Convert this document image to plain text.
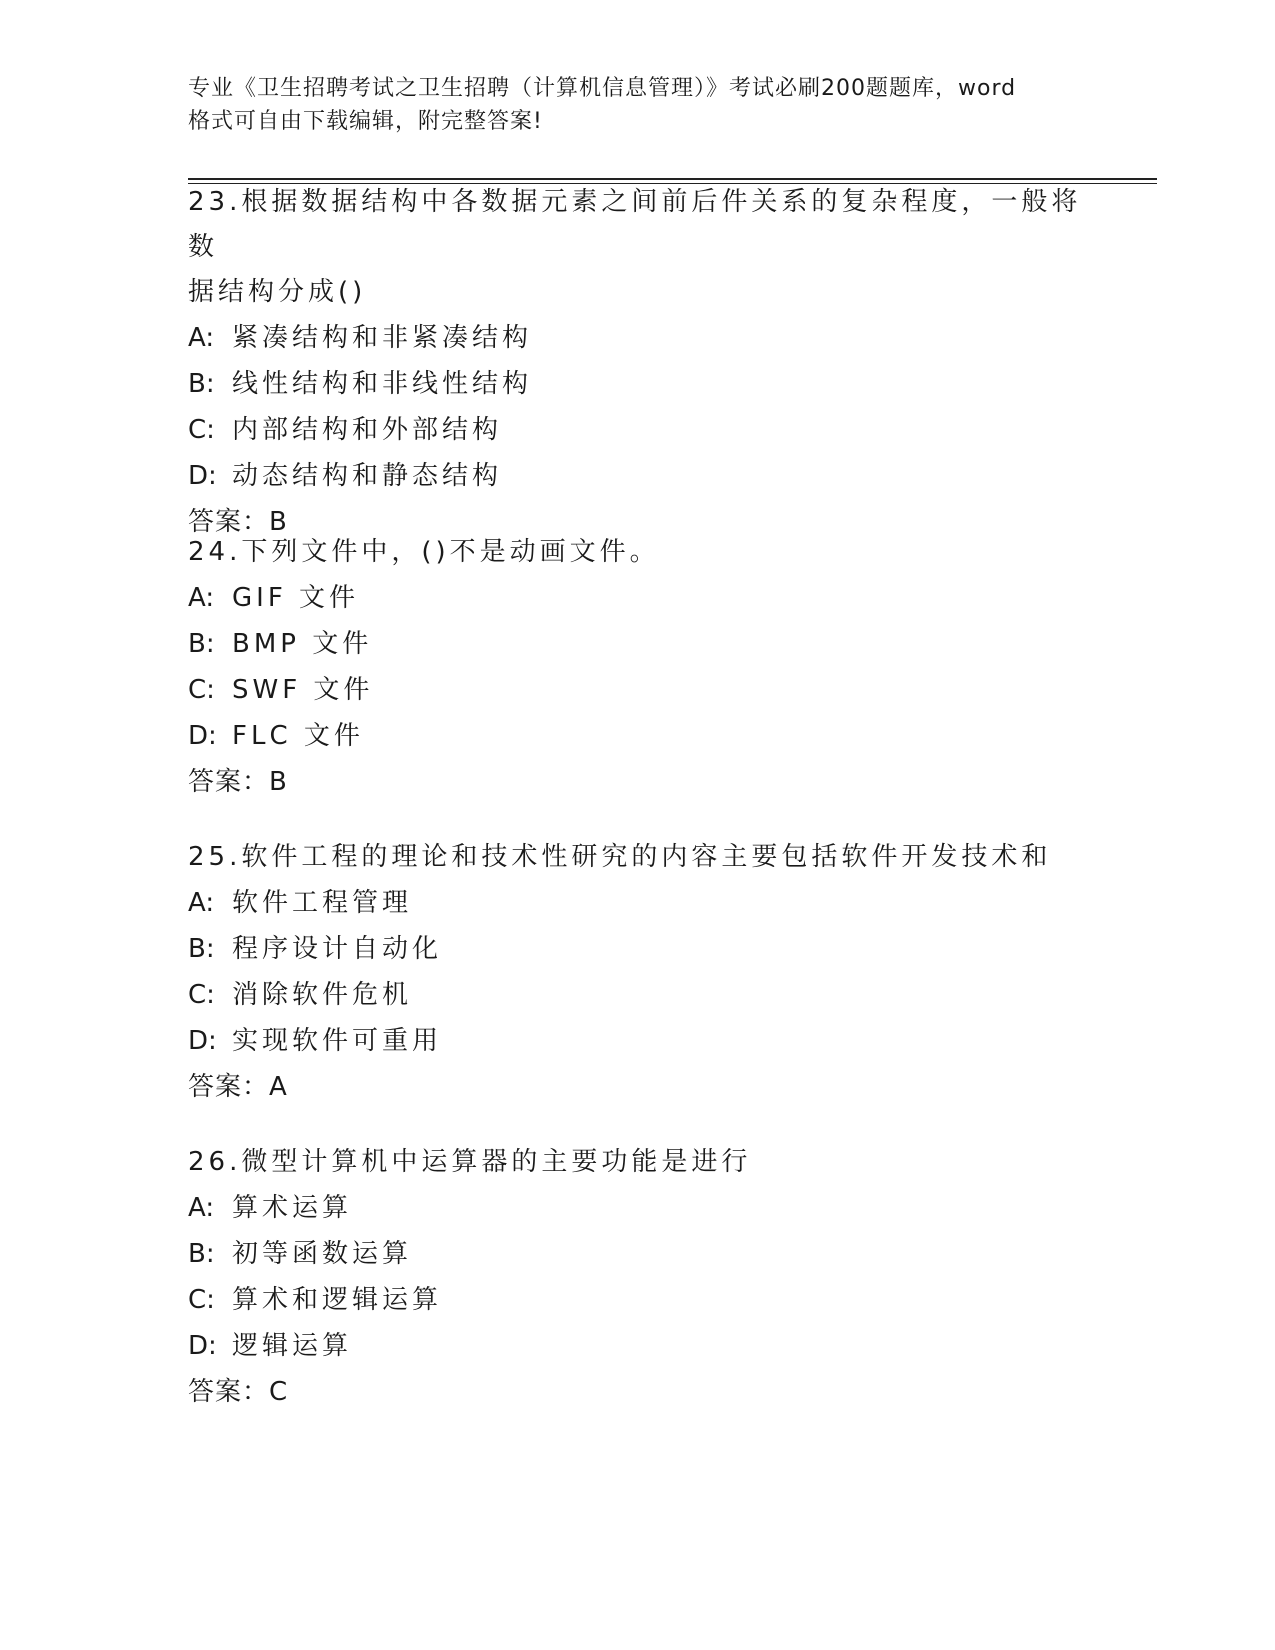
专业《卫生招聘考试之卫生招聘（计算机信息管理）》考试必刷200题题库，word
格式可自由下载编辑，附完整答案!
23.根据数据结构中各数据元素之间前后件关系的复杂程度，一般将数
据结构分成()
A: 紧凑结构和非紧凑结构
B: 线性结构和非线性结构
C: 内部结构和外部结构
D: 动态结构和静态结构
答案：B
24.下列文件中，()不是动画文件。
A: GIF 文件
B: BMP 文件
C: SWF 文件
D: FLC 文件
答案：B
25.软件工程的理论和技术性研究的内容主要包括软件开发技术和
A: 软件工程管理
B: 程序设计自动化
C: 消除软件危机
D: 实现软件可重用
答案：A
26.微型计算机中运算器的主要功能是进行
A: 算术运算
B: 初等函数运算
C: 算术和逻辑运算
D: 逻辑运算
答案：C
